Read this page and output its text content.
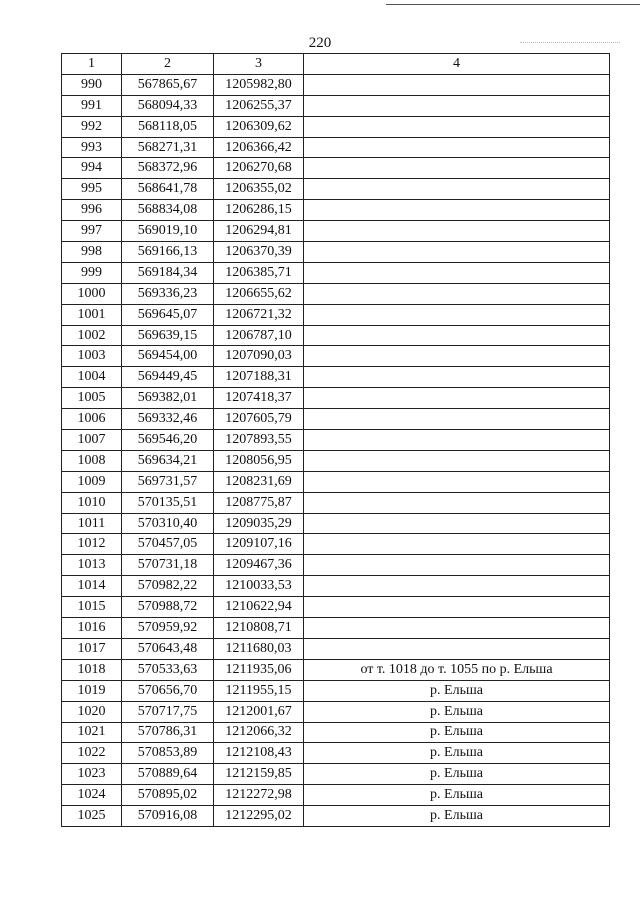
220
1	2	3	4
990	567865,67	1205982,80	
991	568094,33	1206255,37	
992	568118,05	1206309,62	
993	568271,31	1206366,42	
994	568372,96	1206270,68	
995	568641,78	1206355,02	
996	568834,08	1206286,15	
997	569019,10	1206294,81	
998	569166,13	1206370,39	
999	569184,34	1206385,71	
1000	569336,23	1206655,62	
1001	569645,07	1206721,32	
1002	569639,15	1206787,10	
1003	569454,00	1207090,03	
1004	569449,45	1207188,31	
1005	569382,01	1207418,37	
1006	569332,46	1207605,79	
1007	569546,20	1207893,55	
1008	569634,21	1208056,95	
1009	569731,57	1208231,69	
1010	570135,51	1208775,87	
1011	570310,40	1209035,29	
1012	570457,05	1209107,16	
1013	570731,18	1209467,36	
1014	570982,22	1210033,53	
1015	570988,72	1210622,94	
1016	570959,92	1210808,71	
1017	570643,48	1211680,03	
1018	570533,63	1211935,06	от т. 1018 до т. 1055 по р. Ельша
1019	570656,70	1211955,15	р. Ельша
1020	570717,75	1212001,67	р. Ельша
1021	570786,31	1212066,32	р. Ельша
1022	570853,89	1212108,43	р. Ельша
1023	570889,64	1212159,85	р. Ельша
1024	570895,02	1212272,98	р. Ельша
1025	570916,08	1212295,02	р. Ельша
